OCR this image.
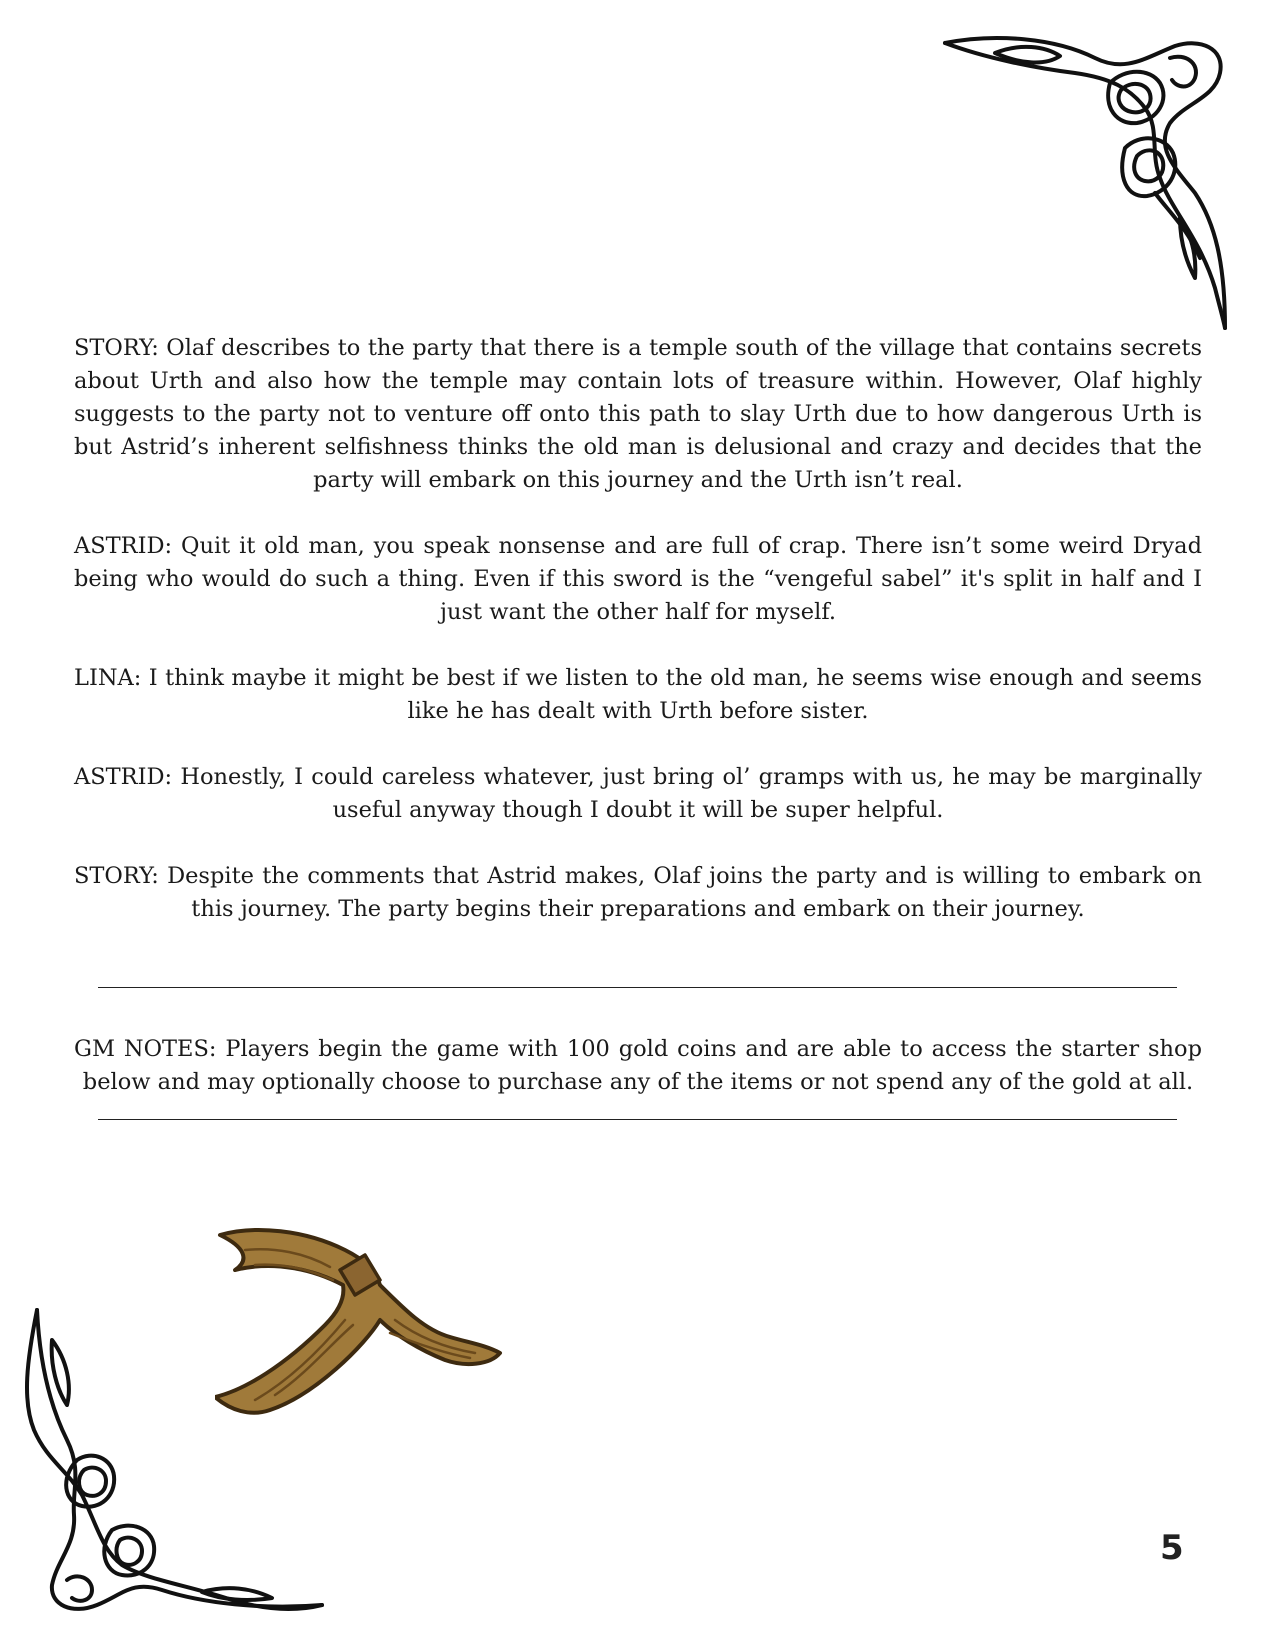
STORY: Olaf describes to the party that there is a temple south of the village that contains secrets about Urth and also how the temple may contain lots of treasure within. However, Olaf highly suggests to the party not to venture off onto this path to slay Urth due to how dangerous Urth is but Astrid’s inherent selfishness thinks the old man is delusional and crazy and decides that the party will embark on this journey and the Urth isn’t real.

ASTRID: Quit it old man, you speak nonsense and are full of crap. There isn’t some weird Dryad being who would do such a thing. Even if this sword is the “vengeful sabel” it's split in half and I just want the other half for myself.

LINA: I think maybe it might be best if we listen to the old man, he seems wise enough and seems like he has dealt with Urth before sister.

ASTRID: Honestly, I could careless whatever, just bring ol’ gramps with us, he may be marginally useful anyway though I doubt it will be super helpful.

STORY: Despite the comments that Astrid makes, Olaf joins the party and is willing to embark on this journey. The party begins their preparations and embark on their journey.

GM NOTES: Players begin the game with 100 gold coins and are able to access the starter shop below and may optionally choose to purchase any of the items or not spend any of the gold at all.

5
